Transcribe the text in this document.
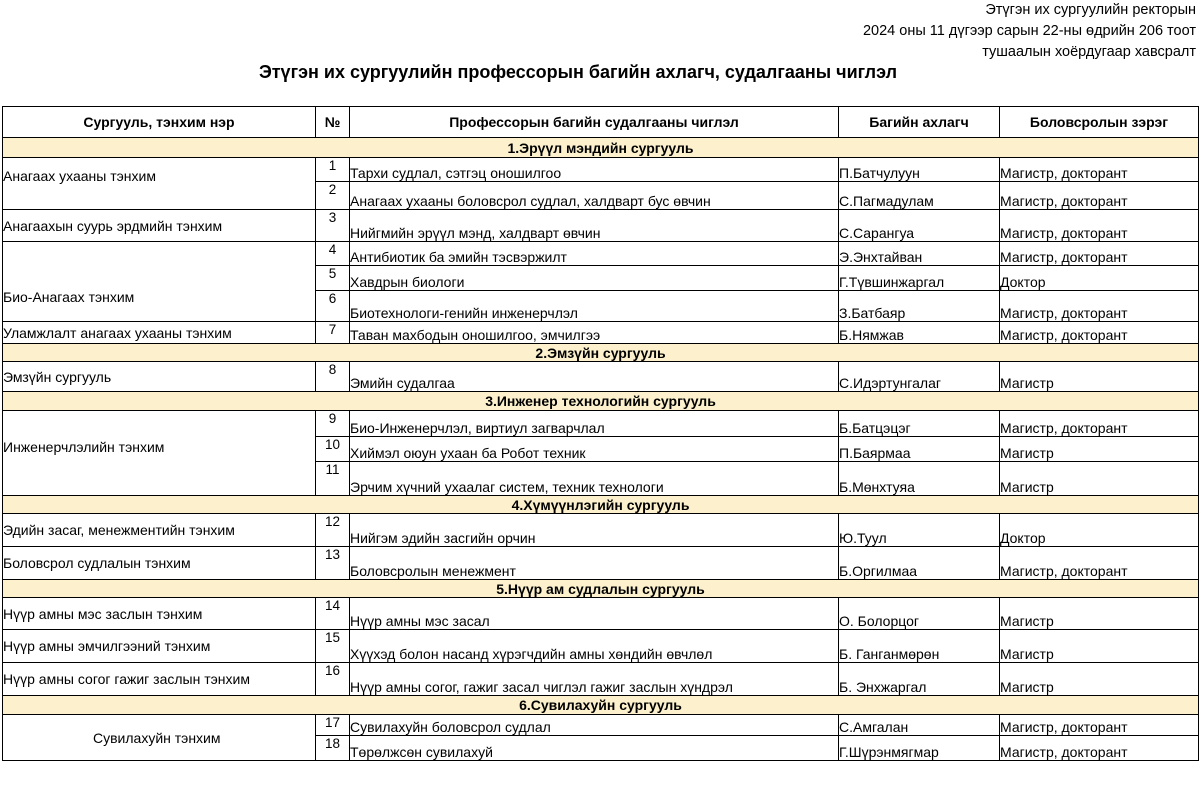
Этүгэн их сургуулийн ректорын
2024 оны 11 дүгээр сарын 22-ны өдрийн 206 тоот
тушаалын хоёрдугаар хавсралт
Этүгэн их сургуулийн профессорын багийн ахлагч, судалгааны чиглэл
Сургууль, тэнхим нэр	№	Профессорын багийн судалгааны чиглэл	Багийн ахлагч	Боловсролын зэрэг
1.Эрүүл мэндийн сургууль				
Анагаах ухааны тэнхим	1	Тархи судлал, сэтгэц оношилгоо	П.Батчулуун	Магистр, докторант
	2	Анагаах ухааны боловсрол судлал, халдварт бус өвчин	С.Пагмадулам	Магистр, докторант
Анагаахын суурь эрдмийн тэнхим	3	Нийгмийн эрүүл мэнд, халдварт өвчин	С.Сарангуа	Магистр, докторант
Био-Анагаах тэнхим	4	Антибиотик ба эмийн тэсвэржилт	Э.Энхтайван	Магистр, докторант
	5	Хавдрын биологи	Г.Түвшинжаргал	Доктор
	6	Биотехнологи-генийн инженерчлэл	З.Батбаяр	Магистр, докторант
Уламжлалт анагаах ухааны тэнхим	7	Таван махбодын оношилгоо, эмчилгээ	Б.Нямжав	Магистр, докторант
2.Эмзүйн сургууль				
Эмзүйн сургууль	8	Эмийн судалгаа	С.Идэртунгалаг	Магистр
3.Инженер технологийн сургууль				
Инженерчлэлийн тэнхим	9	Био-Инженерчлэл, виртиул загварчлал	Б.Батцэцэг	Магистр, докторант
	10	Хиймэл оюун ухаан ба Робот техник	П.Баярмаа	Магистр
	11	Эрчим хүчний ухаалаг систем, техник технологи	Б.Мөнхтуяа	Магистр
4.Хүмүүнлэгийн сургууль				
Эдийн засаг, менежментийн тэнхим	12	Нийгэм эдийн засгийн орчин	Ю.Туул	Доктор
Боловсрол судлалын тэнхим	13	Боловсролын менежмент	Б.Оргилмаа	Магистр, докторант
5.Нүүр ам судлалын сургууль				
Нүүр амны мэс заслын тэнхим	14	Нүүр амны мэс засал	О. Болорцог	Магистр
Нүүр амны эмчилгээний тэнхим	15	Хүүхэд болон насанд хүрэгчдийн амны хөндийн өвчлөл	Б. Ганганмөрөн	Магистр
Нүүр амны согог гажиг заслын тэнхим	16	Нүүр амны согог, гажиг засал чиглэл гажиг заслын хүндрэл	Б. Энхжаргал	Магистр
6.Сувилахуйн сургууль				
Сувилахуйн тэнхим	17	Сувилахуйн боловсрол судлал	С.Амгалан	Магистр, докторант
	18	Төрөлжсөн сувилахуй	Г.Шүрэнмягмар	Магистр, докторант
